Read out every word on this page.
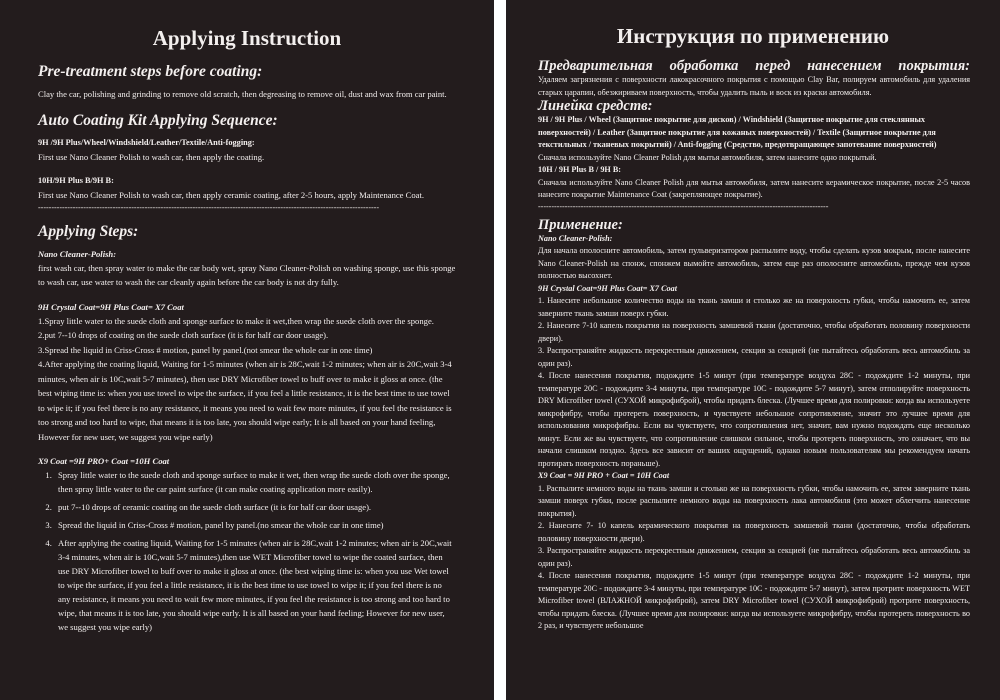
Applying Instruction
Pre-treatment steps before coating:

Clay the car, polishing and grinding to remove old scratch, then degreasing to remove oil, dust and wax from car paint.

Auto Coating Kit Applying Sequence:

9H /9H Plus/Wheel/Windshield/Leather/Textile/Anti-fogging:

First use Nano Cleaner Polish to wash car, then apply the coating.

10H/9H Plus B/9H B:

First use Nano Cleaner Polish to wash car, then apply ceramic coating, after 2-5 hours, apply Maintenance Coat.

--------------------------------------------------------------------------------------------------------------------------------

Applying Steps:

Nano Cleaner-Polish:

first wash car, then spray water to make the car body wet, spray Nano Cleaner-Polish on washing sponge, use this sponge to wash car, use water to wash the car cleanly again before the car body is not dry fully.

9H Crystal Coat=9H Plus Coat= X7 Coat

1.Spray little water to the suede cloth and sponge surface to make it wet,then wrap the suede cloth over the sponge.

2.put 7--10 drops of coating on the suede cloth surface (it is for half car door usage).

3.Spread the liquid in Criss-Cross # motion, panel by panel.(not smear the whole car in one time)

4.After applying the coating liquid, Waiting for 1-5 minutes (when air is 28C,wait 1-2 minutes; when air is 20C,wait 3-4 minutes, when air is 10C,wait 5-7 minutes), then use DRY Microfiber towel to buff over to make it gloss at once. (the best wiping time is: when you use towel to wipe the surface, if you feel a little resistance, it is the best time to use towel to wipe it; if you feel there is no any resistance, it means you need to wait few more minutes, if you feel the resistance is too strong and too hard to wipe, that means it is too late, you should wipe early; It is all based on your hand feeling, However for new user, we suggest you wipe early)

X9 Coat =9H PRO+ Coat =10H Coat

1. Spray little water to the suede cloth and sponge surface to make it wet, then wrap the suede cloth over the sponge, then spray little water to the car paint surface (it can make coating application more easily).
2. put 7--10 drops of ceramic coating on the suede cloth surface (it is for half car door usage).
3. Spread the liquid in Criss-Cross # motion, panel by panel.(no smear the whole car in one time)
4. After applying the coating liquid, Waiting for 1-5 minutes (when air is 28C,wait 1-2 minutes; when air is 20C,wait 3-4 minutes, when air is 10C,wait 5-7 minutes),then use WET Microfiber towel to wipe the coated surface, then use DRY Microfiber towel to buff over to make it gloss at once. (the best wiping time is: when you use Wet towel to wipe the surface, if you feel a little resistance, it is the best time to use towel to wipe it; if you feel there is no any resistance, it means you need to wait few more minutes, if you feel the resistance is too strong and too hard to wipe, that means it is too late, you should wipe early. It is all based on your hand feeling; However for new user, we suggest you wipe early)
Инструкция по применению
Предварительная обработка перед нанесением покрытия:

Удаляем загрязнения с поверхности лакокрасочного покрытия с помощью Clay Bar, полируем автомобиль для удаления старых царапин, обезжириваем поверхность, чтобы удалить пыль и воск из краски автомобиля.

Линейка средств:

9H / 9H Plus / Wheel (Защитное покрытие для дисков) / Windshield (Защитное покрытие для стеклянных поверхностей) / Leather (Защитное покрытие для кожаных поверхностей) / Textile (Защитное покрытие для текстильных / тканевых покрытий) / Anti-fogging (Средство, предотвращающее запотевание поверхностей)

Сначала используйте Nano Cleaner Polish для мытья автомобиля, затем нанесите одно покрытый.

10H / 9H Plus B / 9H B:

Сначала используйте Nano Cleaner Polish для мытья автомобиля, затем нанесите керамическое покрытие, после 2-5 часов нанесите покрытие Maintenance Coat (закрепляющее покрытие).

-------------------------------------------------------------------------------------------------------------

Применение:

Nano Cleaner-Polish:

Для начала ополосните автомобиль, затем пульверизатором распылите воду, чтобы сделать кузов мокрым, после нанесите Nano Cleaner-Polish на спонж, спонжем вымойте автомобиль, затем еще раз ополосните автомобиль, прежде чем кузов полностью высохнет.

9H Crystal Coat=9H Plus Coat= X7 Coat

1. Нанесите небольшое количество воды на ткань замши и столько же на поверхность губки, чтобы намочить ее, затем заверните ткань замши поверх губки.

2. Нанесите 7-10 капель покрытия на поверхность замшевой ткани (достаточно, чтобы обработать половину поверхности двери).

3. Распространяйте жидкость перекрестным движением, секция за секцией (не пытайтесь обработать весь автомобиль за один раз).

4. После нанесения покрытия, подождите 1-5 минут (при температуре воздуха 28C - подождите 1-2 минуты, при температуре 20C - подождите 3-4 минуты, при температуре 10C - подождите 5-7 минут), затем отполируйте поверхность DRY Microfiber towel (СУХОЙ микрофиброй), чтобы придать блеска. (Лучшее время для полировки: когда вы используете микрофибру, чтобы протереть поверхность, и чувствуете небольшое сопротивление, значит это лучшее время для использования микрофибры. Если вы чувствуете, что сопротивления нет, значит, вам нужно подождать еще несколько минут. Если же вы чувствуете, что сопротивление слишком сильное, чтобы протереть поверхность, это означает, что вы начали слишком поздно. Здесь все зависит от ваших ощущений, однако новым пользователям мы рекомендуем начать протирать поверхность пораньше).

X9 Coat = 9H PRO + Coat = 10H Coat

1. Распылите немного воды на ткань замши и столько же на поверхность губки, чтобы намочить ее, затем заверните ткань замши поверх губки, после распылите немного воды на поверхность лака автомобиля (это может облегчить нанесение покрытия).

2. Нанесите 7- 10 капель керамического покрытия на поверхность замшевой ткани (достаточно, чтобы обработать половину поверхности двери).

3. Распространяйте жидкость перекрестным движением, секция за секцией (не пытайтесь обработать весь автомобиль за один раз).

4. После нанесения покрытия, подождите 1-5 минут (при температуре воздуха 28C - подождите 1-2 минуты, при температуре 20C - подождите 3-4 минуты, при температуре 10C - подождите 5-7 минут), затем протрите поверхность WET Microfiber towel (ВЛАЖНОЙ микрофиброй), затем DRY Microfiber towel (СУХОЙ микрофиброй) протрите поверхность, чтобы придать блеска. (Лучшее время для полировки: когда вы используете микрофибру, чтобы протереть поверхность во 2 раз, и чувствуете небольшое
